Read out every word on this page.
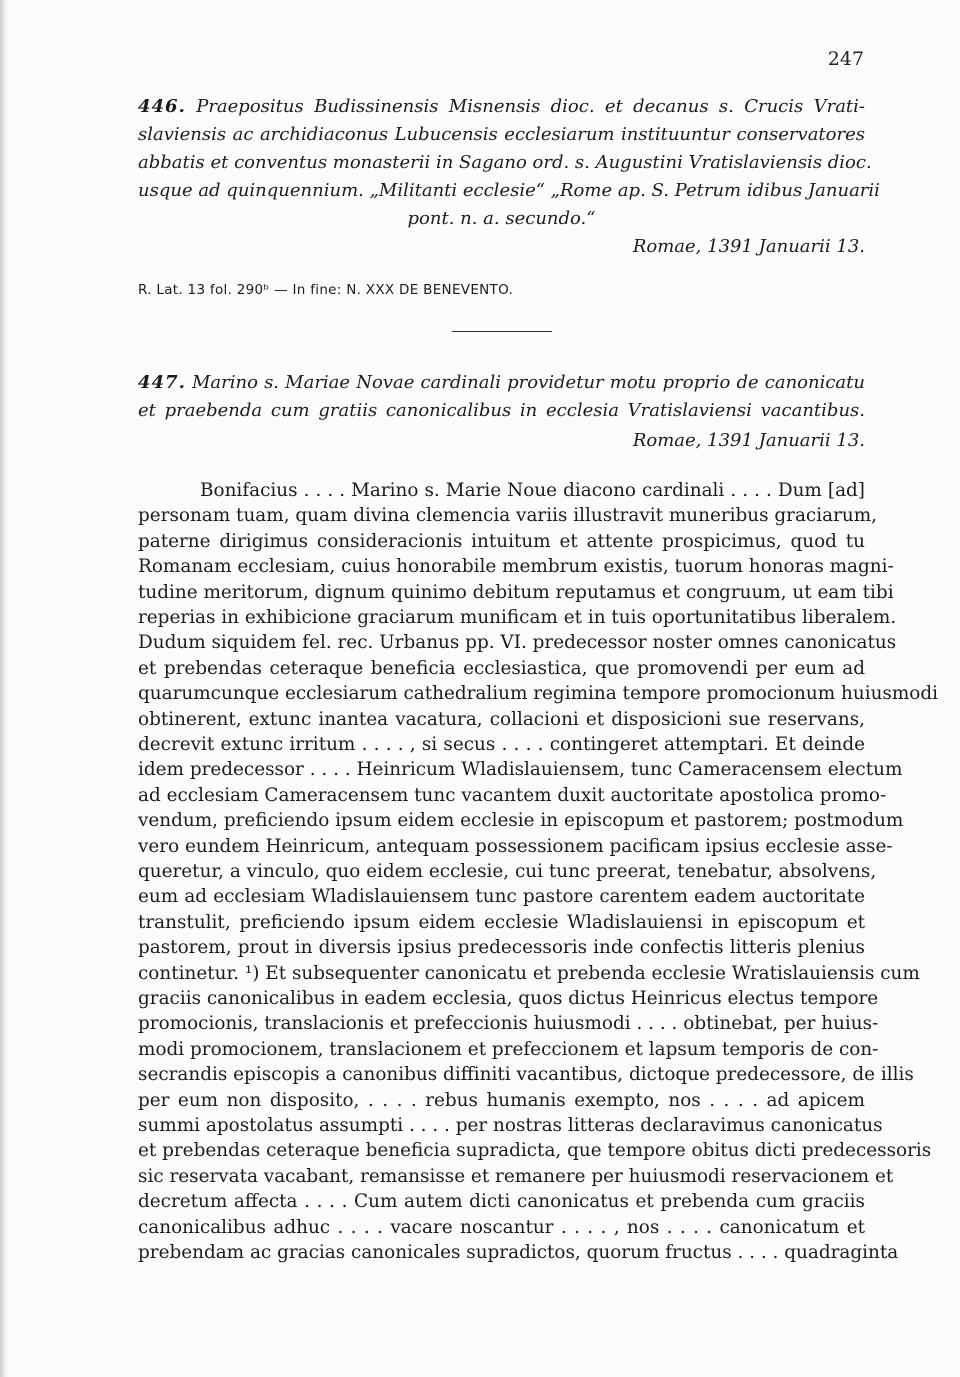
247
446. Praepositus Budissinensis Misnensis dioc. et decanus s. Crucis Vrati-
slaviensis ac archidiaconus Lubucensis ecclesiarum instituuntur conservatores
abbatis et conventus monasterii in Sagano ord. s. Augustini Vratislaviensis dioc.
usque ad quinquennium. „Militanti ecclesie“ „Rome ap. S. Petrum idibus Januarii
pont. n. a. secundo.“
Romae, 1391 Januarii 13.
R. Lat. 13 fol. 290ᵇ — In fine: N. XXX DE BENEVENTO.
447. Marino s. Mariae Novae cardinali providetur motu proprio de canonicatu
et praebenda cum gratiis canonicalibus in ecclesia Vratislaviensi vacantibus.
Romae, 1391 Januarii 13.
Bonifacius . . . . Marino s. Marie Noue diacono cardinali . . . . Dum [ad]
personam tuam, quam divina clemencia variis illustravit muneribus graciarum,
paterne dirigimus consideracionis intuitum et attente prospicimus, quod tu
Romanam ecclesiam, cuius honorabile membrum existis, tuorum honoras magni-
tudine meritorum, dignum quinimo debitum reputamus et congruum, ut eam tibi
reperias in exhibicione graciarum munificam et in tuis oportunitatibus liberalem.
Dudum siquidem fel. rec. Urbanus pp. VI. predecessor noster omnes canonicatus
et prebendas ceteraque beneficia ecclesiastica, que promovendi per eum ad
quarumcunque ecclesiarum cathedralium regimina tempore promocionum huiusmodi
obtinerent, extunc inantea vacatura, collacioni et disposicioni sue reservans,
decrevit extunc irritum . . . . , si secus . . . . contingeret attemptari. Et deinde
idem predecessor . . . . Heinricum Wladislauiensem, tunc Cameracensem electum
ad ecclesiam Cameracensem tunc vacantem duxit auctoritate apostolica promo-
vendum, preficiendo ipsum eidem ecclesie in episcopum et pastorem; postmodum
vero eundem Heinricum, antequam possessionem pacificam ipsius ecclesie asse-
queretur, a vinculo, quo eidem ecclesie, cui tunc preerat, tenebatur, absolvens,
eum ad ecclesiam Wladislauiensem tunc pastore carentem eadem auctoritate
transtulit, preficiendo ipsum eidem ecclesie Wladislauiensi in episcopum et
pastorem, prout in diversis ipsius predecessoris inde confectis litteris plenius
continetur. ¹) Et subsequenter canonicatu et prebenda ecclesie Wratislauiensis cum
graciis canonicalibus in eadem ecclesia, quos dictus Heinricus electus tempore
promocionis, translacionis et prefeccionis huiusmodi . . . . obtinebat, per huius-
modi promocionem, translacionem et prefeccionem et lapsum temporis de con-
secrandis episcopis a canonibus diffiniti vacantibus, dictoque predecessore, de illis
per eum non disposito, . . . . rebus humanis exempto, nos . . . . ad apicem
summi apostolatus assumpti . . . . per nostras litteras declaravimus canonicatus
et prebendas ceteraque beneficia supradicta, que tempore obitus dicti predecessoris
sic reservata vacabant, remansisse et remanere per huiusmodi reservacionem et
decretum affecta . . . . Cum autem dicti canonicatus et prebenda cum graciis
canonicalibus adhuc . . . . vacare noscantur . . . . , nos . . . . canonicatum et
prebendam ac gracias canonicales supradictos, quorum fructus . . . . quadraginta
